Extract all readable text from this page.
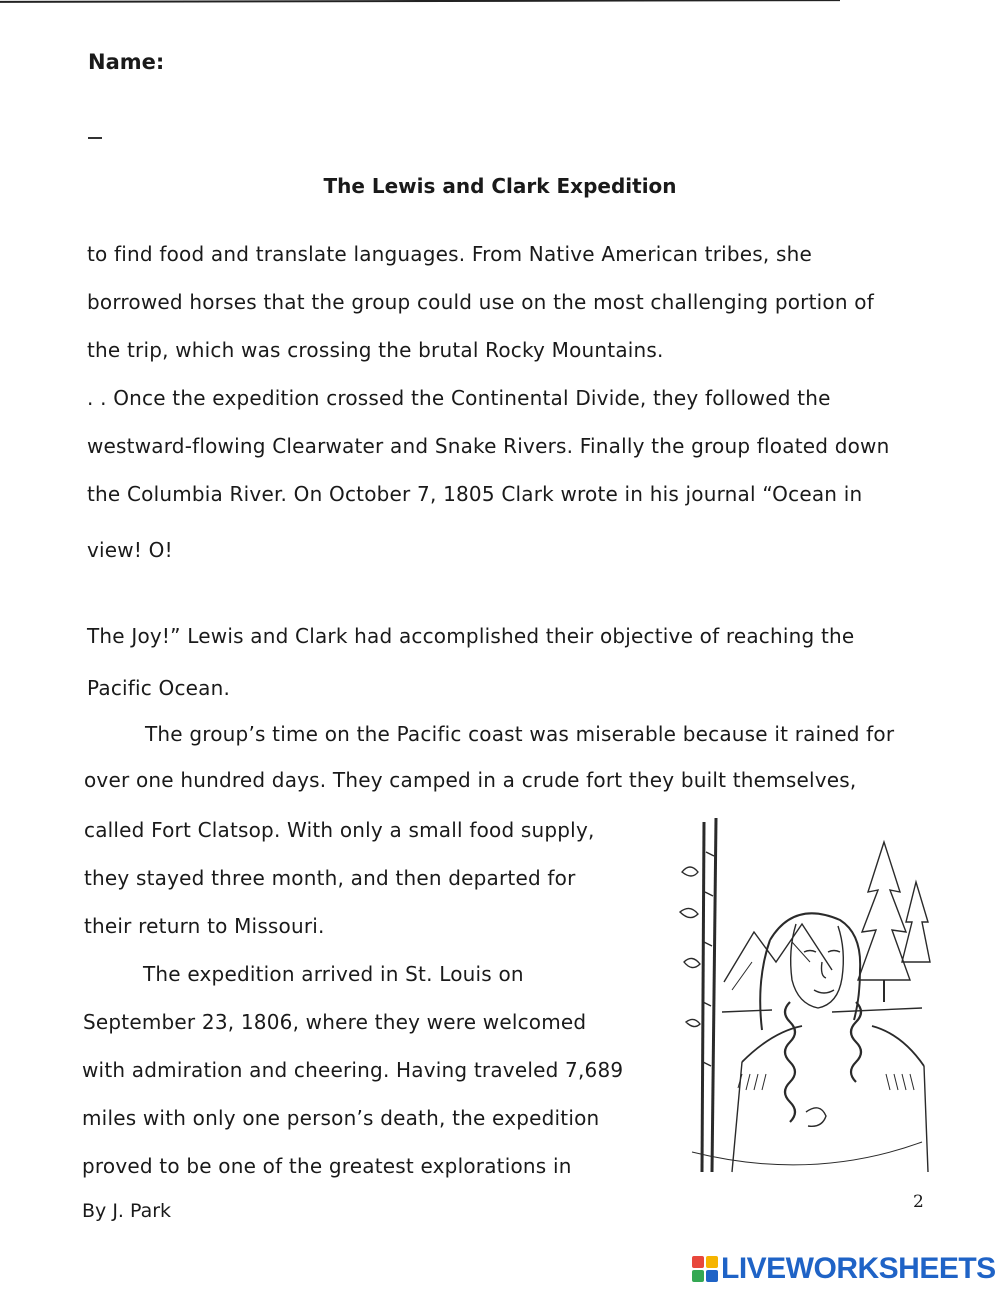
Name:
The Lewis and Clark Expedition
to find food and translate languages. From Native American tribes, she
borrowed horses that the group could use on the most challenging portion of
the trip, which was crossing the brutal Rocky Mountains.
. . Once the expedition crossed the Continental Divide, they followed the
westward-flowing Clearwater and Snake Rivers. Finally the group floated down
the Columbia River. On October 7, 1805 Clark wrote in his journal “Ocean in
view! O!
The Joy!” Lewis and Clark had accomplished their objective of reaching the
Pacific Ocean.
The group’s time on the Pacific coast was miserable because it rained for
over one hundred days. They camped in a crude fort they built themselves,
called Fort Clatsop. With only a small food supply,
they stayed three month, and then departed for
their return to Missouri.
The expedition arrived in St. Louis on
September 23, 1806, where they were welcomed
with admiration and cheering. Having traveled 7,689
miles with only one person’s death, the expedition
proved to be one of the greatest explorations in
By J. Park	2
LIVEWORKSHEETS
